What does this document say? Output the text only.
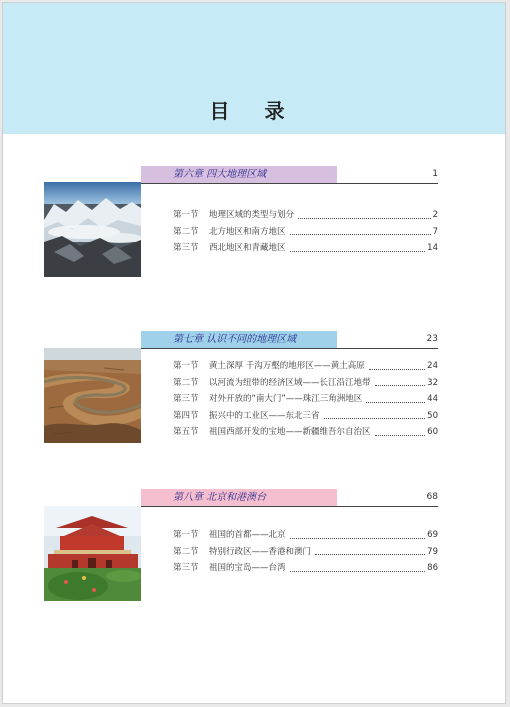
目 录
第六章 四大地理区域	1
第一节	地理区域的类型与划分	2
第二节	北方地区和南方地区	7
第三节	西北地区和青藏地区	14
第七章 认识不同的地理区域	23
第一节	黄土深厚 千沟万壑的地形区——黄土高原	24
第二节	以河流为纽带的经济区域——长江沿江地带	32
第三节	对外开放的“南大门”——珠江三角洲地区	44
第四节	振兴中的工业区——东北三省	50
第五节	祖国西部开发的宝地——新疆维吾尔自治区	60
第八章 北京和港澳台	68
第一节	祖国的首都——北京	69
第二节	特别行政区——香港和澳门	79
第三节	祖国的宝岛——台湾	86
